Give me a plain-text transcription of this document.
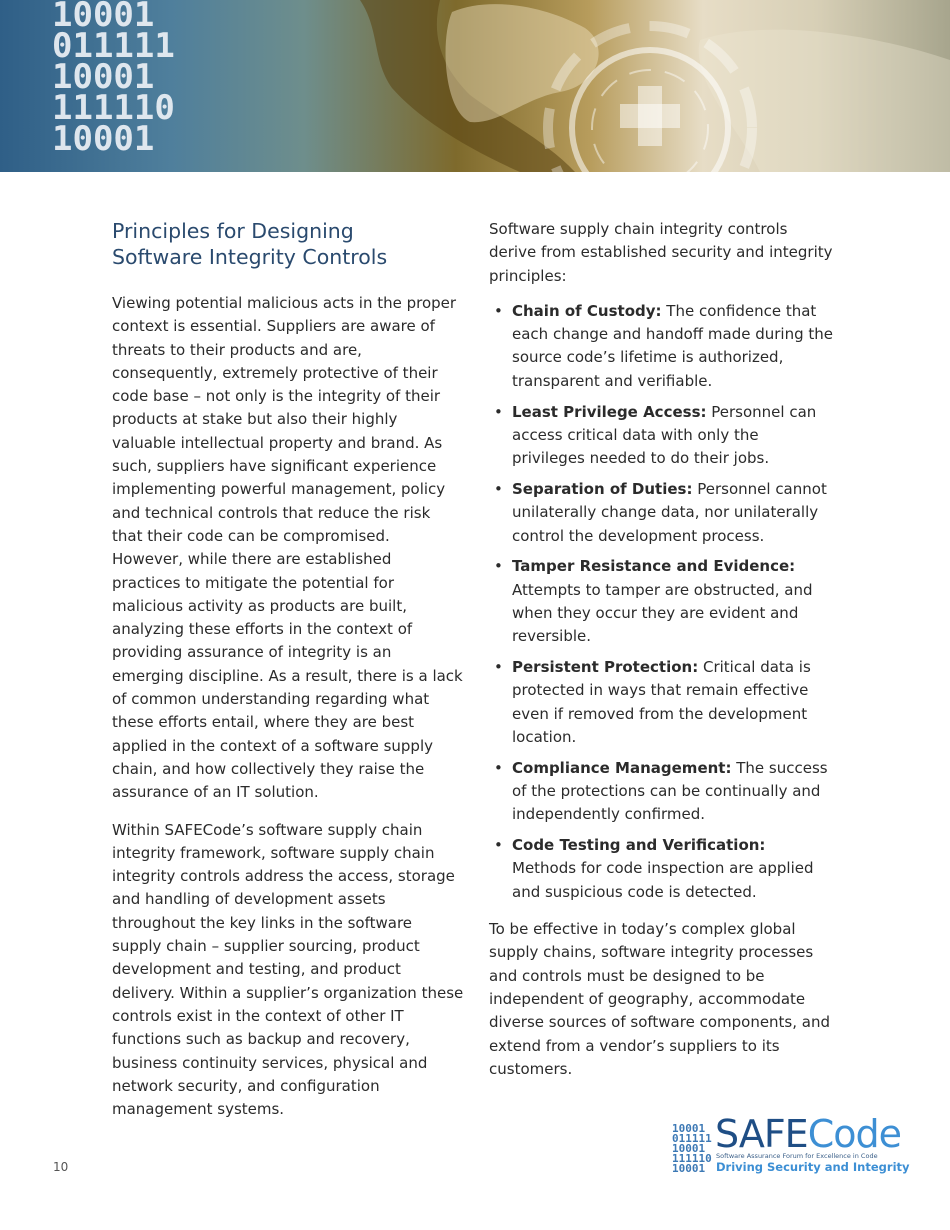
10001
011111
10001
111110
10001
Principles for Designing
Software Integrity Controls

Viewing potential malicious acts in the proper context is essential. Suppliers are aware of threats to their products and are, consequently, extremely protective of their code base – not only is the integrity of their products at stake but also their highly valuable intellectual property and brand. As such, suppliers have significant experience implementing powerful management, policy and technical controls that reduce the risk that their code can be compromised. However, while there are established practices to mitigate the potential for malicious activity as products are built, analyzing these efforts in the context of providing assurance of integrity is an emerging discipline. As a result, there is a lack of common understanding regarding what these efforts entail, where they are best applied in the context of a software supply chain, and how collectively they raise the assurance of an IT solution.

Within SAFECode’s software supply chain integrity framework, software supply chain integrity controls address the access, storage and handling of development assets throughout the key links in the software supply chain – supplier sourcing, product development and testing, and product delivery. Within a supplier’s organization these controls exist in the context of other IT functions such as backup and recovery, business continuity services, physical and network security, and configuration management systems.

Software supply chain integrity controls derive from established security and integrity principles:

• Chain of Custody: The confidence that each change and handoff made during the source code’s lifetime is authorized, transparent and verifiable.
• Least Privilege Access: Personnel can access critical data with only the privileges needed to do their jobs.
• Separation of Duties: Personnel cannot unilaterally change data, nor unilaterally control the development process.
• Tamper Resistance and Evidence: Attempts to tamper are obstructed, and when they occur they are evident and reversible.
• Persistent Protection: Critical data is protected in ways that remain effective even if removed from the development location.
• Compliance Management: The success of the protections can be continually and independently confirmed.
• Code Testing and Verification: Methods for code inspection are applied and suspicious code is detected.

To be effective in today’s complex global supply chains, software integrity processes and controls must be designed to be independent of geography, accommodate diverse sources of software components, and extend from a vendor’s suppliers to its customers.

10
10001
011111
10001
111110
10001
SAFECode
Software Assurance Forum for Excellence in Code
Driving Security and Integrity
